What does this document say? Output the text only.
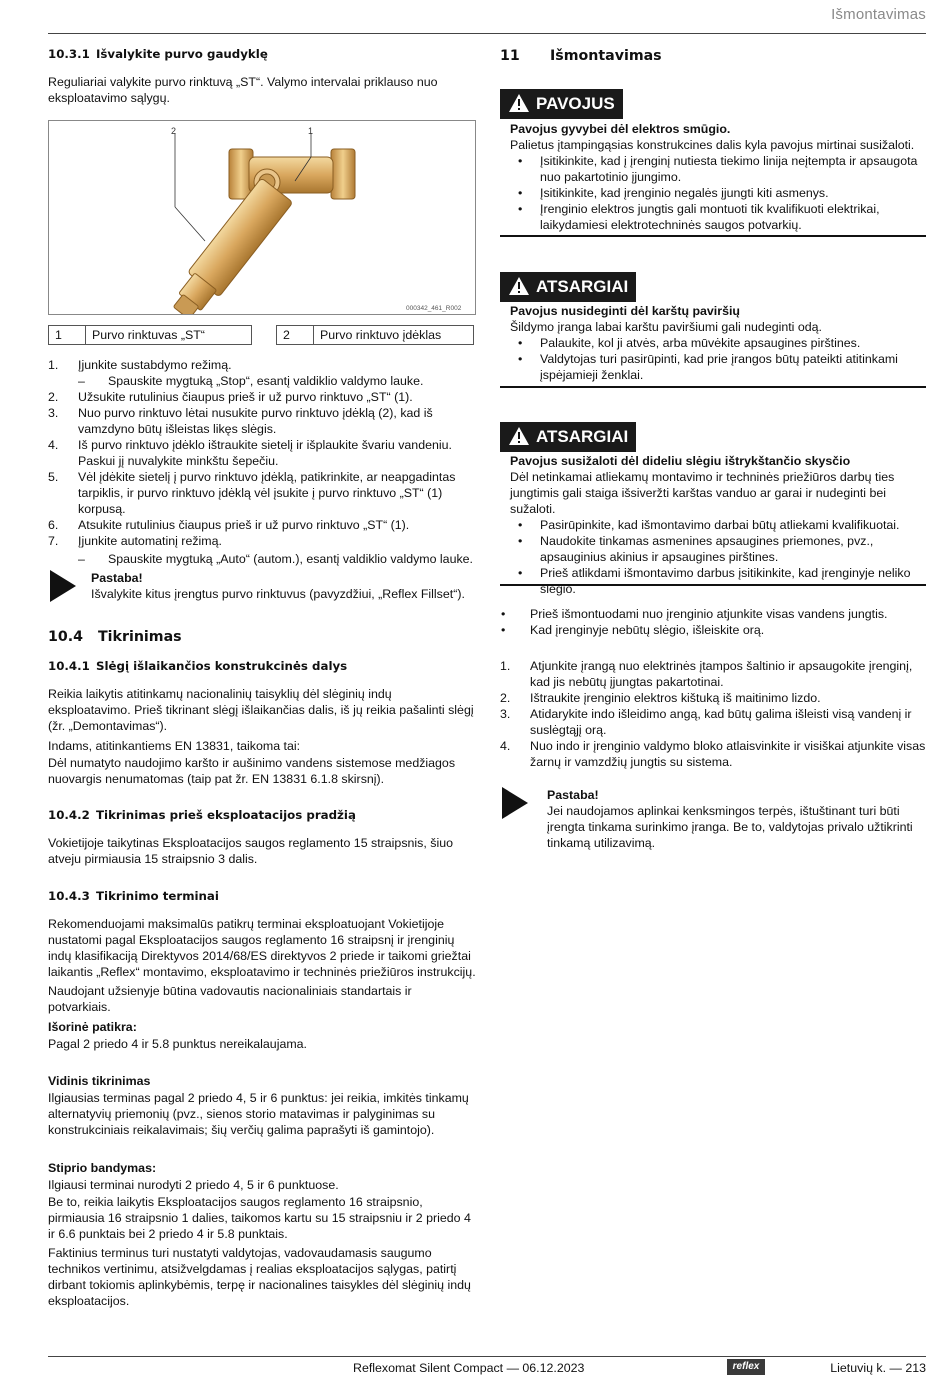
Išmontavimas
10.3.1 Išvalykite purvo gaudyklę

Reguliariai valykite purvo rinktuvą „ST“. Valymo intervalai priklauso nuo eksploatavimo sąlygų.

1
2
000342_461_R002
1	Purvo rinktuvas „ST“	2	Purvo rinktuvo įdėklas
1. Įjunkite sustabdymo režimą.
– Spauskite mygtuką „Stop“, esantį valdiklio valdymo lauke.
2. Užsukite rutulinius čiaupus prieš ir už purvo rinktuvo „ST“ (1).
3. Nuo purvo rinktuvo lėtai nusukite purvo rinktuvo įdėklą (2), kad iš vamzdyno būtų išleistas likęs slėgis.
4. Iš purvo rinktuvo įdėklo ištraukite sietelį ir išplaukite švariu vandeniu. Paskui jį nuvalykite minkštu šepečiu.
5. Vėl įdėkite sietelį į purvo rinktuvo įdėklą, patikrinkite, ar neapgadintas tarpiklis, ir purvo rinktuvo įdėklą vėl įsukite į purvo rinktuvo „ST“ (1) korpusą.
6. Atsukite rutulinius čiaupus prieš ir už purvo rinktuvo „ST“ (1).
7. Įjunkite automatinį režimą.
– Spauskite mygtuką „Auto“ (autom.), esantį valdiklio valdymo lauke.

Pastaba!

Išvalykite kitus įrengtus purvo rinktuvus (pavyzdžiui, „Reflex Fillset“).

10.4 Tikrinimas
10.4.1 Slėgį išlaikančios konstrukcinės dalys

Reikia laikytis atitinkamų nacionalinių taisyklių dėl slėginių indų eksploatavimo. Prieš tikrinant slėgį išlaikančias dalis, iš jų reikia pašalinti slėgį (žr. „Demontavimas“).

Indams, atitinkantiems EN 13831, taikoma tai:

Dėl numatyto naudojimo karšto ir aušinimo vandens sistemose medžiagos nuovargis nenumatomas (taip pat žr. EN 13831 6.1.8 skirsnį).

10.4.2 Tikrinimas prieš eksploatacijos pradžią

Vokietijoje taikytinas Eksploatacijos saugos reglamento 15 straipsnis, šiuo atveju pirmiausia 15 straipsnio 3 dalis.

10.4.3 Tikrinimo terminai

Rekomenduojami maksimalūs patikrų terminai eksploatuojant Vokietijoje nustatomi pagal Eksploatacijos saugos reglamento 16 straipsnį ir įrenginių indų klasifikaciją Direktyvos 2014/68/ES direktyvos 2 priede ir taikomi griežtai laikantis „Reflex“ montavimo, eksploatavimo ir techninės priežiūros instrukcijų.

Naudojant užsienyje būtina vadovautis nacionaliniais standartais ir potvarkiais.

Išorinė patikra:

Pagal 2 priedo 4 ir 5.8 punktus nereikalaujama.

Vidinis tikrinimas

Ilgiausias terminas pagal 2 priedo 4, 5 ir 6 punktus: jei reikia, imkitės tinkamų alternatyvių priemonių (pvz., sienos storio matavimas ir palyginimas su konstrukciniais reikalavimais; šių verčių galima paprašyti iš gamintojo).

Stiprio bandymas:

Ilgiausi terminai nurodyti 2 priedo 4, 5 ir 6 punktuose.

Be to, reikia laikytis Eksploatacijos saugos reglamento 16 straipsnio, pirmiausia 16 straipsnio 1 dalies, taikomos kartu su 15 straipsniu ir 2 priedo 4 ir 6.6 punktais bei 2 priedo 4 ir 5.8 punktais.

Faktinius terminus turi nustatyti valdytojas, vadovaudamasis saugumo technikos vertinimu, atsižvelgdamas į realias eksploatacijos sąlygas, patirtį dirbant tokiomis aplinkybėmis, terpę ir nacionalines taisykles dėl slėginių indų eksploatacijos.

11 Išmontavimas
PAVOJUS

Pavojus gyvybei dėl elektros smūgio.

Palietus įtampingąsias konstrukcines dalis kyla pavojus mirtinai susižaloti.

• Įsitikinkite, kad į įrenginį nutiesta tiekimo linija neįtempta ir apsaugota nuo pakartotinio įjungimo.
• Įsitikinkite, kad įrenginio negalės įjungti kiti asmenys.
• Įrenginio elektros jungtis gali montuoti tik kvalifikuoti elektrikai, laikydamiesi elektrotechninės saugos potvarkių.
ATSARGIAI

Pavojus nusideginti dėl karštų paviršių

Šildymo įranga labai karštu paviršiumi gali nudeginti odą.

• Palaukite, kol ji atvės, arba mūvėkite apsaugines pirštines.
• Valdytojas turi pasirūpinti, kad prie įrangos būtų pateikti atitinkami įspėjamieji ženklai.
ATSARGIAI

Pavojus susižaloti dėl dideliu slėgiu ištrykštančio skysčio

Dėl netinkamai atliekamų montavimo ir techninės priežiūros darbų ties jungtimis gali staiga išsiveržti karštas vanduo ar garai ir nudeginti bei sužaloti.

• Pasirūpinkite, kad išmontavimo darbai būtų atliekami kvalifikuotai.
• Naudokite tinkamas asmenines apsaugines priemones, pvz., apsauginius akinius ir apsaugines pirštines.
• Prieš atlikdami išmontavimo darbus įsitikinkite, kad įrenginyje neliko slėgio.
• Prieš išmontuodami nuo įrenginio atjunkite visas vandens jungtis.
• Kad įrenginyje nebūtų slėgio, išleiskite orą.
1. Atjunkite įrangą nuo elektrinės įtampos šaltinio ir apsaugokite įrenginį, kad jis nebūtų įjungtas pakartotinai.
2. Ištraukite įrenginio elektros kištuką iš maitinimo lizdo.
3. Atidarykite indo išleidimo angą, kad būtų galima išleisti visą vandenį ir suslėgtąjį orą.
4. Nuo indo ir įrenginio valdymo bloko atlaisvinkite ir visiškai atjunkite visas žarnų ir vamzdžių jungtis su sistema.

Pastaba!

Jei naudojamos aplinkai kenksmingos terpės, ištuštinant turi būti įrengta tinkama surinkimo įranga. Be to, valdytojas privalo užtikrinti tinkamą utilizavimą.

Reflexomat Silent Compact — 06.12.2023	reflex	Lietuvių k. — 213
